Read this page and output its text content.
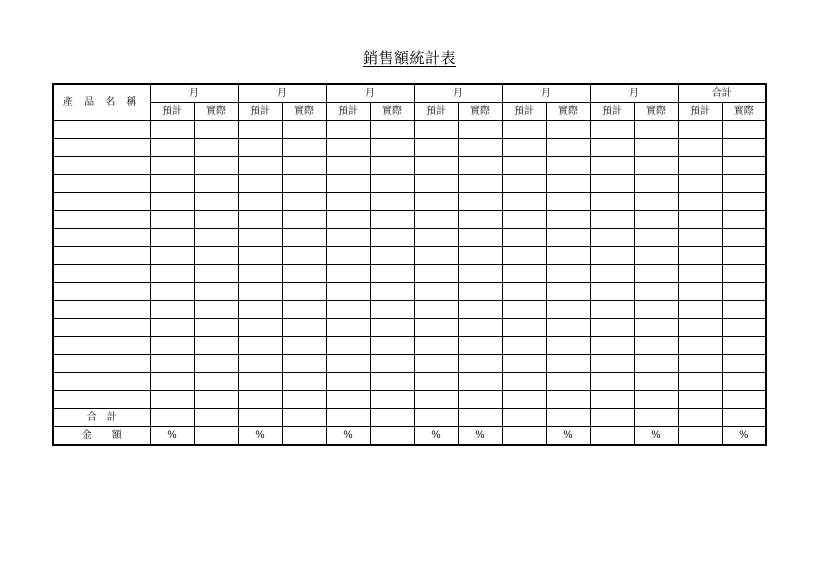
銷售額統計表
產 品 名 稱	月		月		月		月		月		月		合計	
	預計	實際	預計	實際	預計	實際	預計	實際	預計	實際	預計	實際	預計	實際

合　計														
金　　額	%		%		%		%	%		%		%		%
